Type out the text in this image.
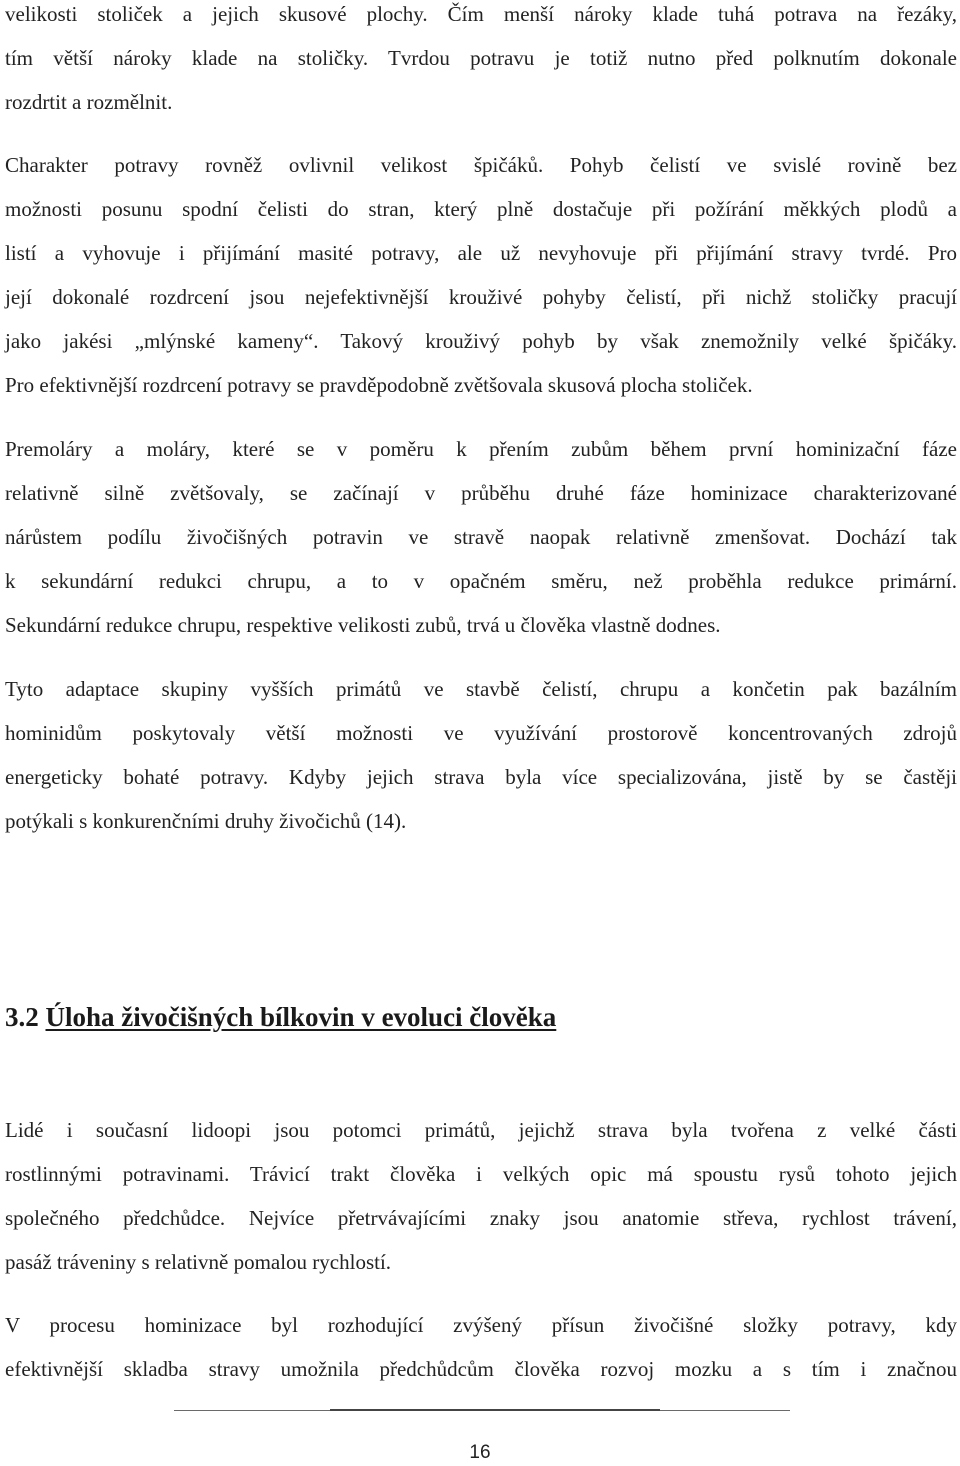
velikosti stoliček a jejich skusové plochy. Čím menší nároky klade tuhá potrava na řezáky,
tím větší nároky klade na stoličky. Tvrdou potravu je totiž nutno před polknutím dokonale
rozdrtit a rozmělnit.
Charakter potravy rovněž ovlivnil velikost špičáků. Pohyb čelistí ve svislé rovině bez
možnosti posunu spodní čelisti do stran, který plně dostačuje při požírání měkkých plodů a
listí a vyhovuje i přijímání masité potravy, ale už nevyhovuje při přijímání stravy tvrdé. Pro
její dokonalé rozdrcení jsou nejefektivnější krouživé pohyby čelistí, při nichž stoličky pracují
jako jakési „mlýnské kameny“. Takový krouživý pohyb by však znemožnily velké špičáky.
Pro efektivnější rozdrcení potravy se pravděpodobně zvětšovala skusová plocha stoliček.
Premoláry a moláry, které se v poměru k přením zubům během první hominizační fáze
relativně silně zvětšovaly, se začínají v průběhu druhé fáze hominizace charakterizované
nárůstem podílu živočišných potravin ve stravě naopak relativně zmenšovat. Dochází tak
k sekundární redukci chrupu, a to v opačném směru, než proběhla redukce primární.
Sekundární redukce chrupu, respektive velikosti zubů, trvá u člověka vlastně dodnes.
Tyto adaptace skupiny vyšších primátů ve stavbě čelistí, chrupu a končetin pak bazálním
hominidům poskytovaly větší možnosti ve využívání prostorově koncentrovaných zdrojů
energeticky bohaté potravy. Kdyby jejich strava byla více specializována, jistě by se častěji
potýkali s konkurenčními druhy živočichů (14).
3.2 Úloha živočišných bílkovin v evoluci člověka
Lidé i současní lidoopi jsou potomci primátů, jejichž strava byla tvořena z velké části
rostlinnými potravinami. Trávicí trakt člověka i velkých opic má spoustu rysů tohoto jejich
společného předchůdce. Nejvíce přetrvávajícími znaky jsou anatomie střeva, rychlost trávení,
pasáž tráveniny s relativně pomalou rychlostí.
V procesu hominizace byl rozhodující zvýšený přísun živočišné složky potravy, kdy
efektivnější skladba stravy umožnila předchůdcům člověka rozvoj mozku a s tím i značnou
16
